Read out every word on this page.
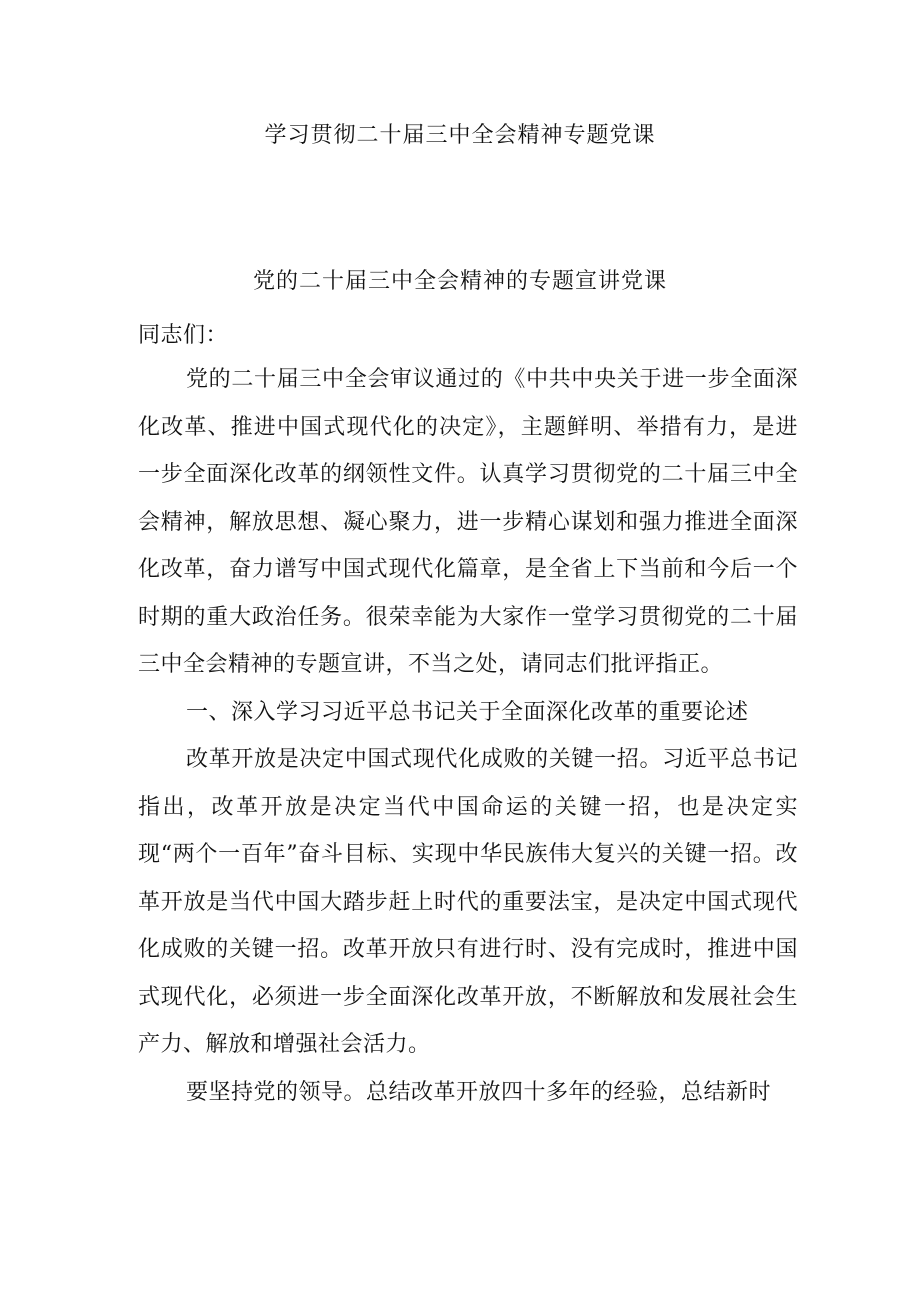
学习贯彻二十届三中全会精神专题党课
党的二十届三中全会精神的专题宣讲党课
同志们：

党的二十届三中全会审议通过的《中共中央关于进一步全面深化改革、推进中国式现代化的决定》，主题鲜明、举措有力，是进一步全面深化改革的纲领性文件。认真学习贯彻党的二十届三中全会精神，解放思想、凝心聚力，进一步精心谋划和强力推进全面深化改革，奋力谱写中国式现代化篇章，是全省上下当前和今后一个时期的重大政治任务。很荣幸能为大家作一堂学习贯彻党的二十届三中全会精神的专题宣讲，不当之处，请同志们批评指正。

一、深入学习习近平总书记关于全面深化改革的重要论述

改革开放是决定中国式现代化成败的关键一招。习近平总书记指出，改革开放是决定当代中国命运的关键一招，也是决定实现“两个一百年”奋斗目标、实现中华民族伟大复兴的关键一招。改革开放是当代中国大踏步赶上时代的重要法宝，是决定中国式现代化成败的关键一招。改革开放只有进行时、没有完成时，推进中国式现代化，必须进一步全面深化改革开放，不断解放和发展社会生产力、解放和增强社会活力。

要坚持党的领导。总结改革开放四十多年的经验，总结新时
